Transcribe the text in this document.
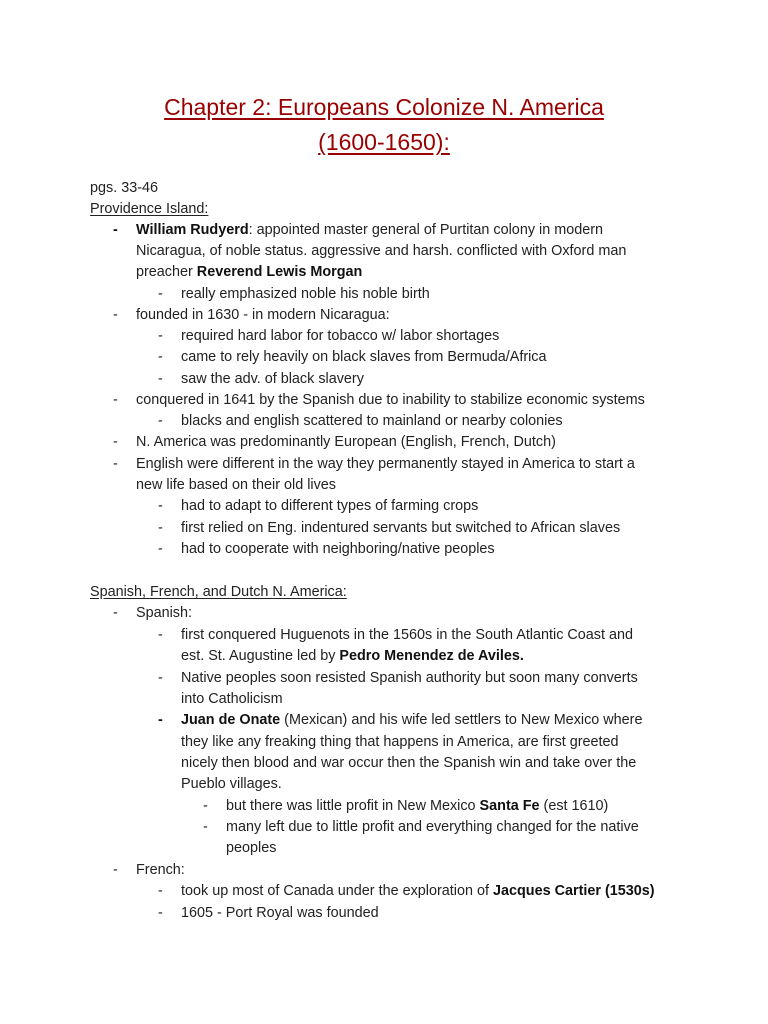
Chapter 2: Europeans Colonize N. America
(1600-1650):
pgs. 33-46
Providence Island:
- William Rudyerd: appointed master general of Purtitan colony in modern
Nicaragua, of noble status. aggressive and harsh. conflicted with Oxford man
preacher Reverend Lewis Morgan
- really emphasized noble his noble birth
- founded in 1630 - in modern Nicaragua:
- required hard labor for tobacco w/ labor shortages
- came to rely heavily on black slaves from Bermuda/Africa
- saw the adv. of black slavery
- conquered in 1641 by the Spanish due to inability to stabilize economic systems
- blacks and english scattered to mainland or nearby colonies
- N. America was predominantly European (English, French, Dutch)
- English were different in the way they permanently stayed in America to start a
new life based on their old lives
- had to adapt to different types of farming crops
- first relied on Eng. indentured servants but switched to African slaves
- had to cooperate with neighboring/native peoples
Spanish, French, and Dutch N. America:
- Spanish:
- first conquered Huguenots in the 1560s in the South Atlantic Coast and
est. St. Augustine led by Pedro Menendez de Aviles.
- Native peoples soon resisted Spanish authority but soon many converts
into Catholicism
- Juan de Onate (Mexican) and his wife led settlers to New Mexico where
they like any freaking thing that happens in America, are first greeted
nicely then blood and war occur then the Spanish win and take over the
Pueblo villages.
- but there was little profit in New Mexico Santa Fe (est 1610)
- many left due to little profit and everything changed for the native
peoples
- French:
- took up most of Canada under the exploration of Jacques Cartier (1530s)
- 1605 - Port Royal was founded
